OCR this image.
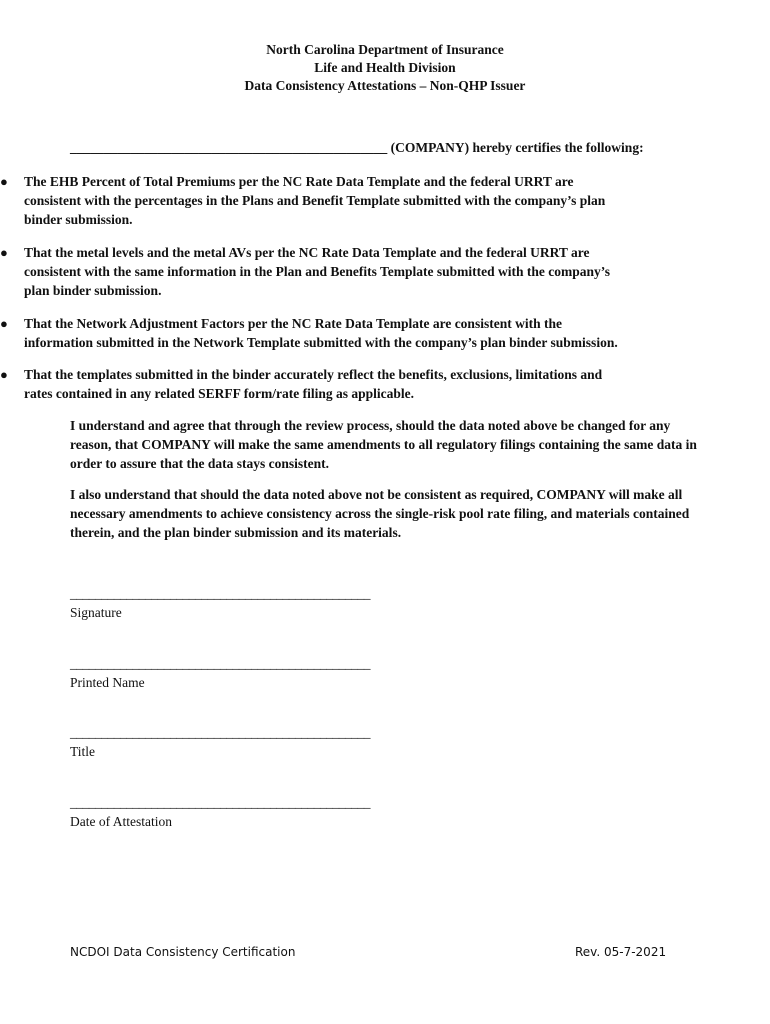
North Carolina Department of Insurance
Life and Health Division
Data Consistency Attestations – Non-QHP Issuer
_______________________________________________ (COMPANY) hereby certifies the following:
● The EHB Percent of Total Premiums per the NC Rate Data Template and the federal URRT are consistent with the percentages in the Plans and Benefit Template submitted with the company’s plan binder submission.
● That the metal levels and the metal AVs per the NC Rate Data Template and the federal URRT are consistent with the same information in the Plan and Benefits Template submitted with the company’s plan binder submission.
● That the Network Adjustment Factors per the NC Rate Data Template are consistent with the information submitted in the Network Template submitted with the company’s plan binder submission.
● That the templates submitted in the binder accurately reflect the benefits, exclusions, limitations and rates contained in any related SERFF form/rate filing as applicable.
I understand and agree that through the review process, should the data noted above be changed for any reason, that COMPANY will make the same amendments to all regulatory filings containing the same data in order to assure that the data stays consistent.
I also understand that should the data noted above not be consistent as required, COMPANY will make all necessary amendments to achieve consistency across the single-risk pool rate filing, and materials contained therein, and the plan binder submission and its materials.
________________________________________________
Signature
________________________________________________
Printed Name
________________________________________________
Title
________________________________________________
Date of Attestation
NCDOI Data Consistency Certification	Rev. 05-7-2021
